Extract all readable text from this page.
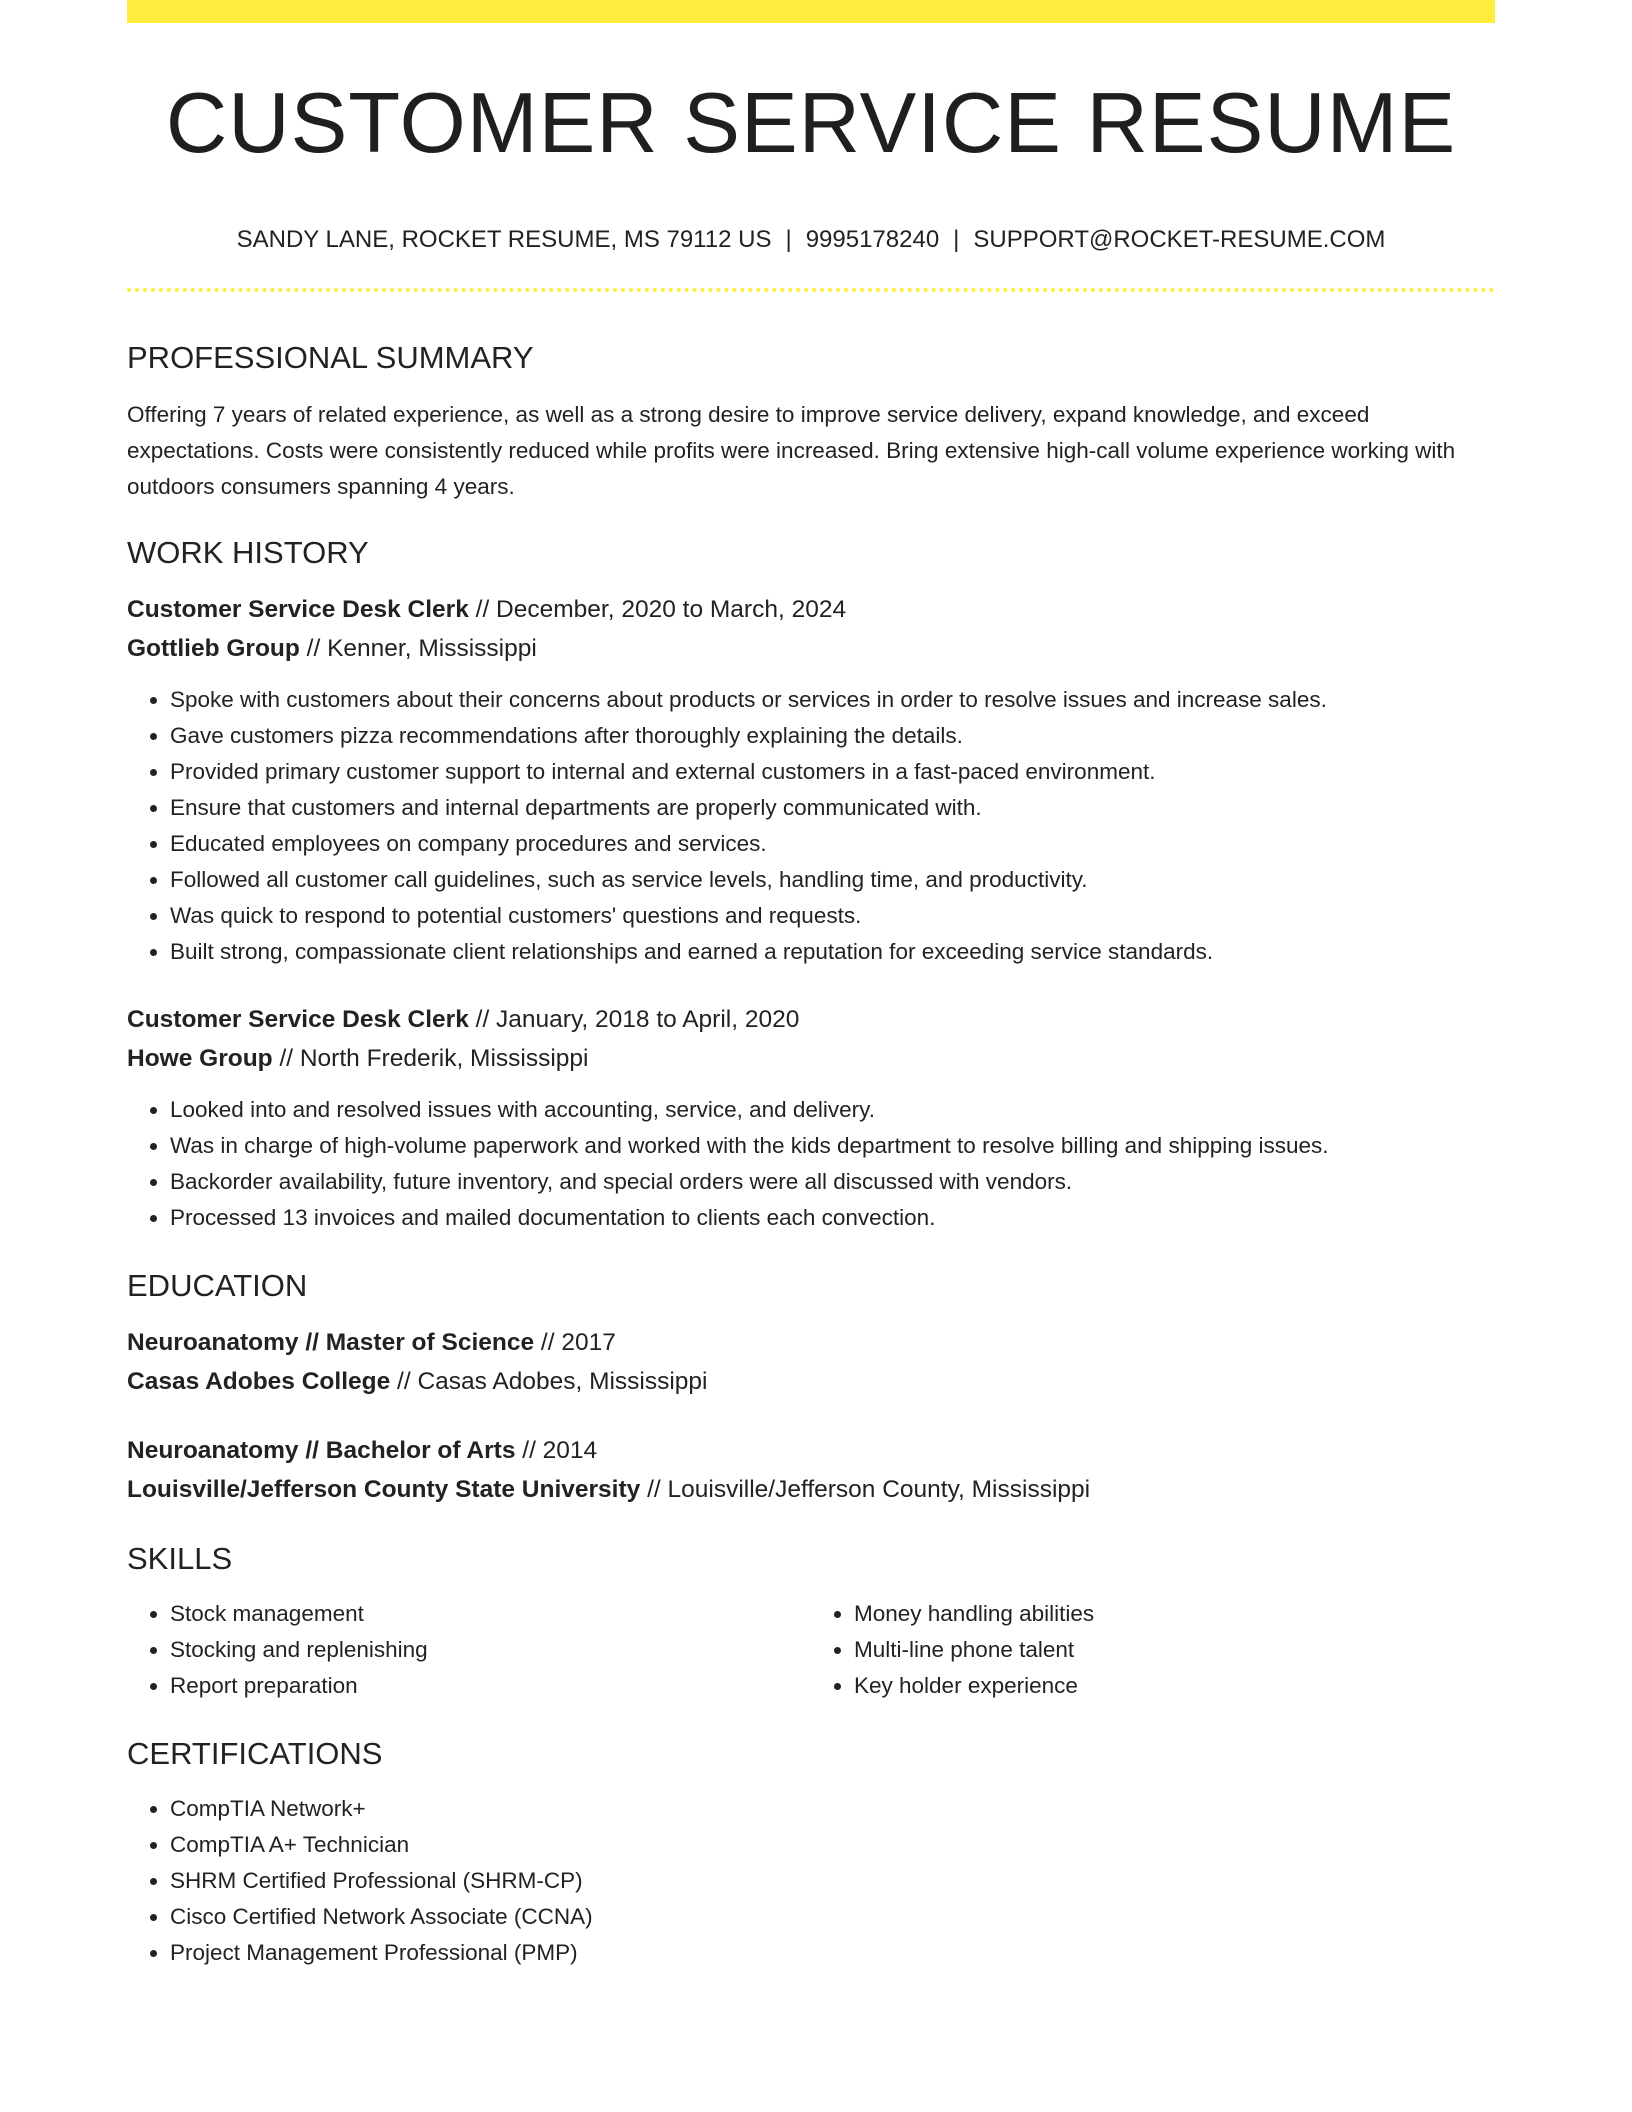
CUSTOMER SERVICE RESUME
SANDY LANE, ROCKET RESUME, MS 79112 US | 9995178240 | SUPPORT@ROCKET-RESUME.COM
PROFESSIONAL SUMMARY

Offering 7 years of related experience, as well as a strong desire to improve service delivery, expand knowledge, and exceed expectations. Costs were consistently reduced while profits were increased. Bring extensive high-call volume experience working with outdoors consumers spanning 4 years.

WORK HISTORY
Customer Service Desk Clerk // December, 2020 to March, 2024
Gottlieb Group // Kenner, Mississippi
• Spoke with customers about their concerns about products or services in order to resolve issues and increase sales.
• Gave customers pizza recommendations after thoroughly explaining the details.
• Provided primary customer support to internal and external customers in a fast-paced environment.
• Ensure that customers and internal departments are properly communicated with.
• Educated employees on company procedures and services.
• Followed all customer call guidelines, such as service levels, handling time, and productivity.
• Was quick to respond to potential customers' questions and requests.
• Built strong, compassionate client relationships and earned a reputation for exceeding service standards.
Customer Service Desk Clerk // January, 2018 to April, 2020
Howe Group // North Frederik, Mississippi
• Looked into and resolved issues with accounting, service, and delivery.
• Was in charge of high-volume paperwork and worked with the kids department to resolve billing and shipping issues.
• Backorder availability, future inventory, and special orders were all discussed with vendors.
• Processed 13 invoices and mailed documentation to clients each convection.
EDUCATION
Neuroanatomy // Master of Science // 2017
Casas Adobes College // Casas Adobes, Mississippi
Neuroanatomy // Bachelor of Arts // 2014
Louisville/Jefferson County State University // Louisville/Jefferson County, Mississippi
SKILLS
• Stock management
• Stocking and replenishing
• Report preparation
• Money handling abilities
• Multi-line phone talent
• Key holder experience
CERTIFICATIONS
• CompTIA Network+
• CompTIA A+ Technician
• SHRM Certified Professional (SHRM-CP)
• Cisco Certified Network Associate (CCNA)
• Project Management Professional (PMP)
